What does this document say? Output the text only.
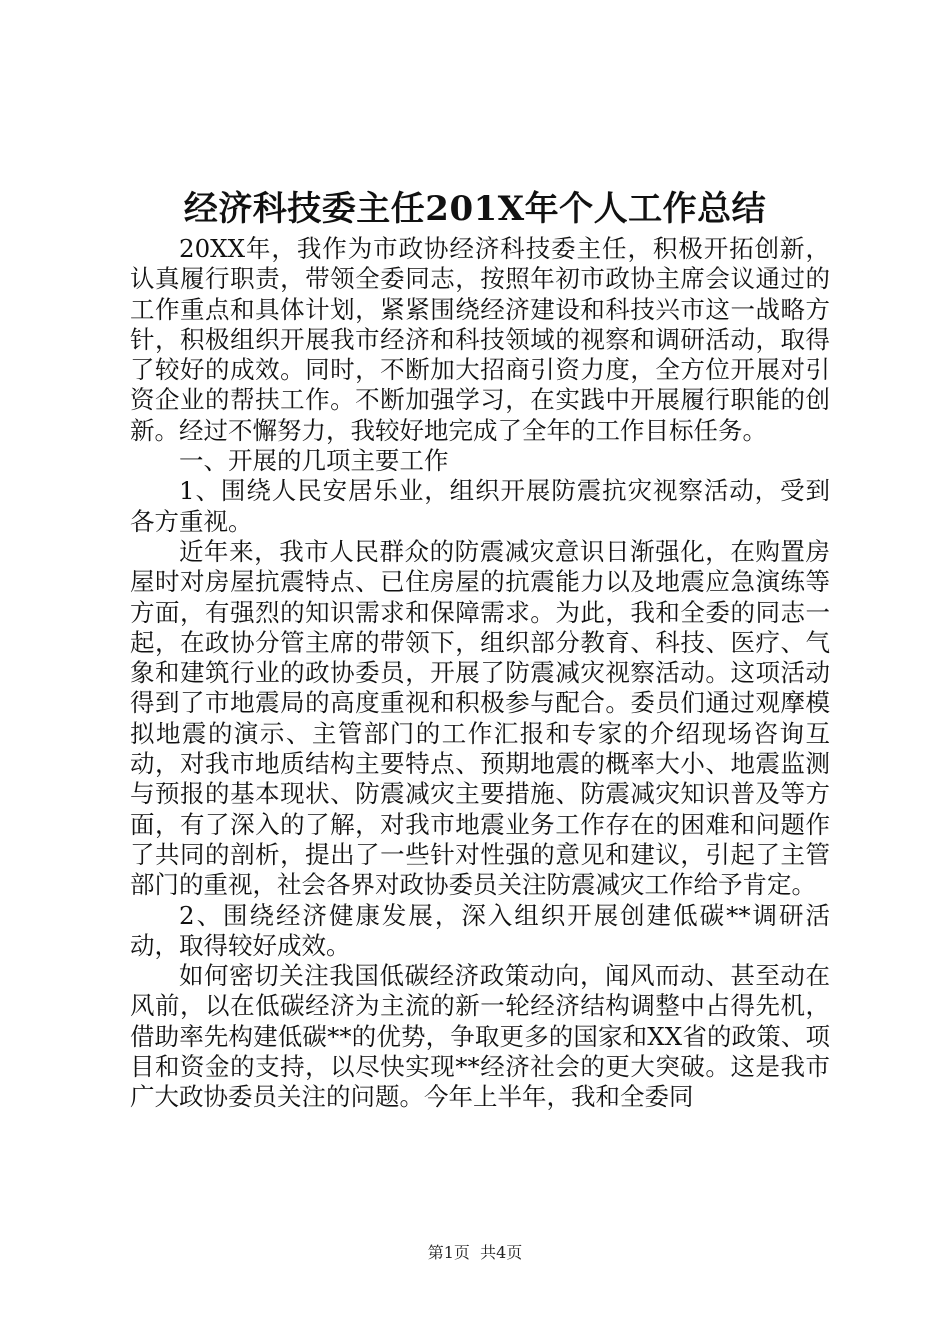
经济科技委主任201X年个人工作总结

20XX年，我作为市政协经济科技委主任，积极开拓创新，认真履行职责，带领全委同志，按照年初市政协主席会议通过的工作重点和具体计划，紧紧围绕经济建设和科技兴市这一战略方针，积极组织开展我市经济和科技领域的视察和调研活动，取得了较好的成效。同时，不断加大招商引资力度，全方位开展对引资企业的帮扶工作。不断加强学习，在实践中开展履行职能的创新。经过不懈努力，我较好地完成了全年的工作目标任务。

一、开展的几项主要工作

1、围绕人民安居乐业，组织开展防震抗灾视察活动，受到各方重视。

近年来，我市人民群众的防震减灾意识日渐强化，在购置房屋时对房屋抗震特点、已住房屋的抗震能力以及地震应急演练等方面，有强烈的知识需求和保障需求。为此，我和全委的同志一起，在政协分管主席的带领下，组织部分教育、科技、医疗、气象和建筑行业的政协委员，开展了防震减灾视察活动。这项活动得到了市地震局的高度重视和积极参与配合。委员们通过观摩模拟地震的演示、主管部门的工作汇报和专家的介绍现场咨询互动，对我市地质结构主要特点、预期地震的概率大小、地震监测与预报的基本现状、防震减灾主要措施、防震减灾知识普及等方面，有了深入的了解，对我市地震业务工作存在的困难和问题作了共同的剖析，提出了一些针对性强的意见和建议，引起了主管部门的重视，社会各界对政协委员关注防震减灾工作给予肯定。

2、围绕经济健康发展，深入组织开展创建低碳**调研活动，取得较好成效。

如何密切关注我国低碳经济政策动向，闻风而动、甚至动在风前，以在低碳经济为主流的新一轮经济结构调整中占得先机，借助率先构建低碳**的优势，争取更多的国家和XX省的政策、项目和资金的支持，以尽快实现**经济社会的更大突破。这是我市广大政协委员关注的问题。今年上半年，我和全委同

第1页 共4页
